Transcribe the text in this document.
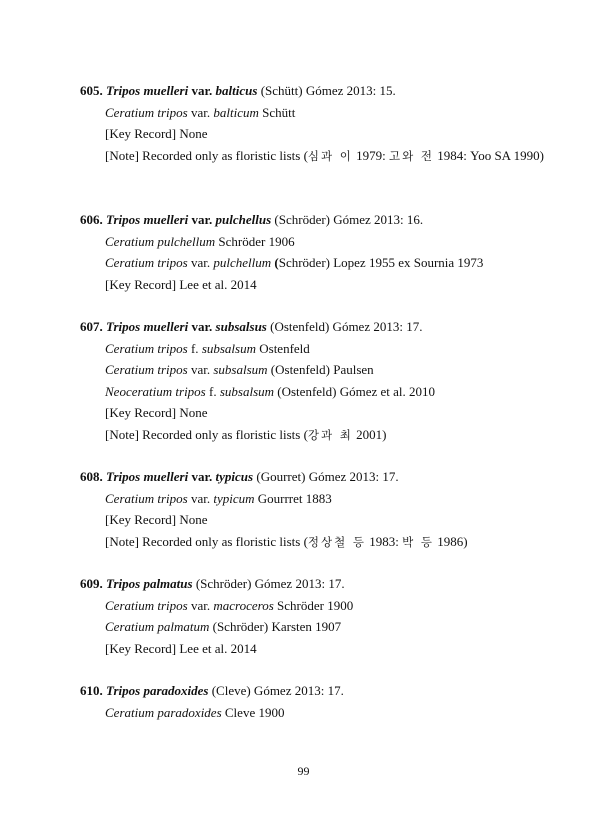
605. Tripos muelleri var. balticus (Schütt) Gómez 2013: 15.
Ceratium tripos var. balticum Schütt
[Key Record] None
[Note] Recorded only as floristic lists (심과 이 1979: 고와 전 1984: Yoo SA 1990)
606. Tripos muelleri var. pulchellus (Schröder) Gómez 2013: 16.
Ceratium pulchellum Schröder 1906
Ceratium tripos var. pulchellum (Schröder) Lopez 1955 ex Sournia 1973
[Key Record] Lee et al. 2014
607. Tripos muelleri var. subsalsus (Ostenfeld) Gómez 2013: 17.
Ceratium tripos f. subsalsum Ostenfeld
Ceratium tripos var. subsalsum (Ostenfeld) Paulsen
Neoceratium tripos f. subsalsum (Ostenfeld) Gómez et al. 2010
[Key Record] None
[Note] Recorded only as floristic lists (강과 최 2001)
608. Tripos muelleri var. typicus (Gourret) Gómez 2013: 17.
Ceratium tripos var. typicum Gourrret 1883
[Key Record] None
[Note] Recorded only as floristic lists (정상철 등 1983: 박 등 1986)
609. Tripos palmatus (Schröder) Gómez 2013: 17.
Ceratium tripos var. macroceros Schröder 1900
Ceratium palmatum (Schröder) Karsten 1907
[Key Record] Lee et al. 2014
610. Tripos paradoxides (Cleve) Gómez 2013: 17.
Ceratium paradoxides Cleve 1900
99
